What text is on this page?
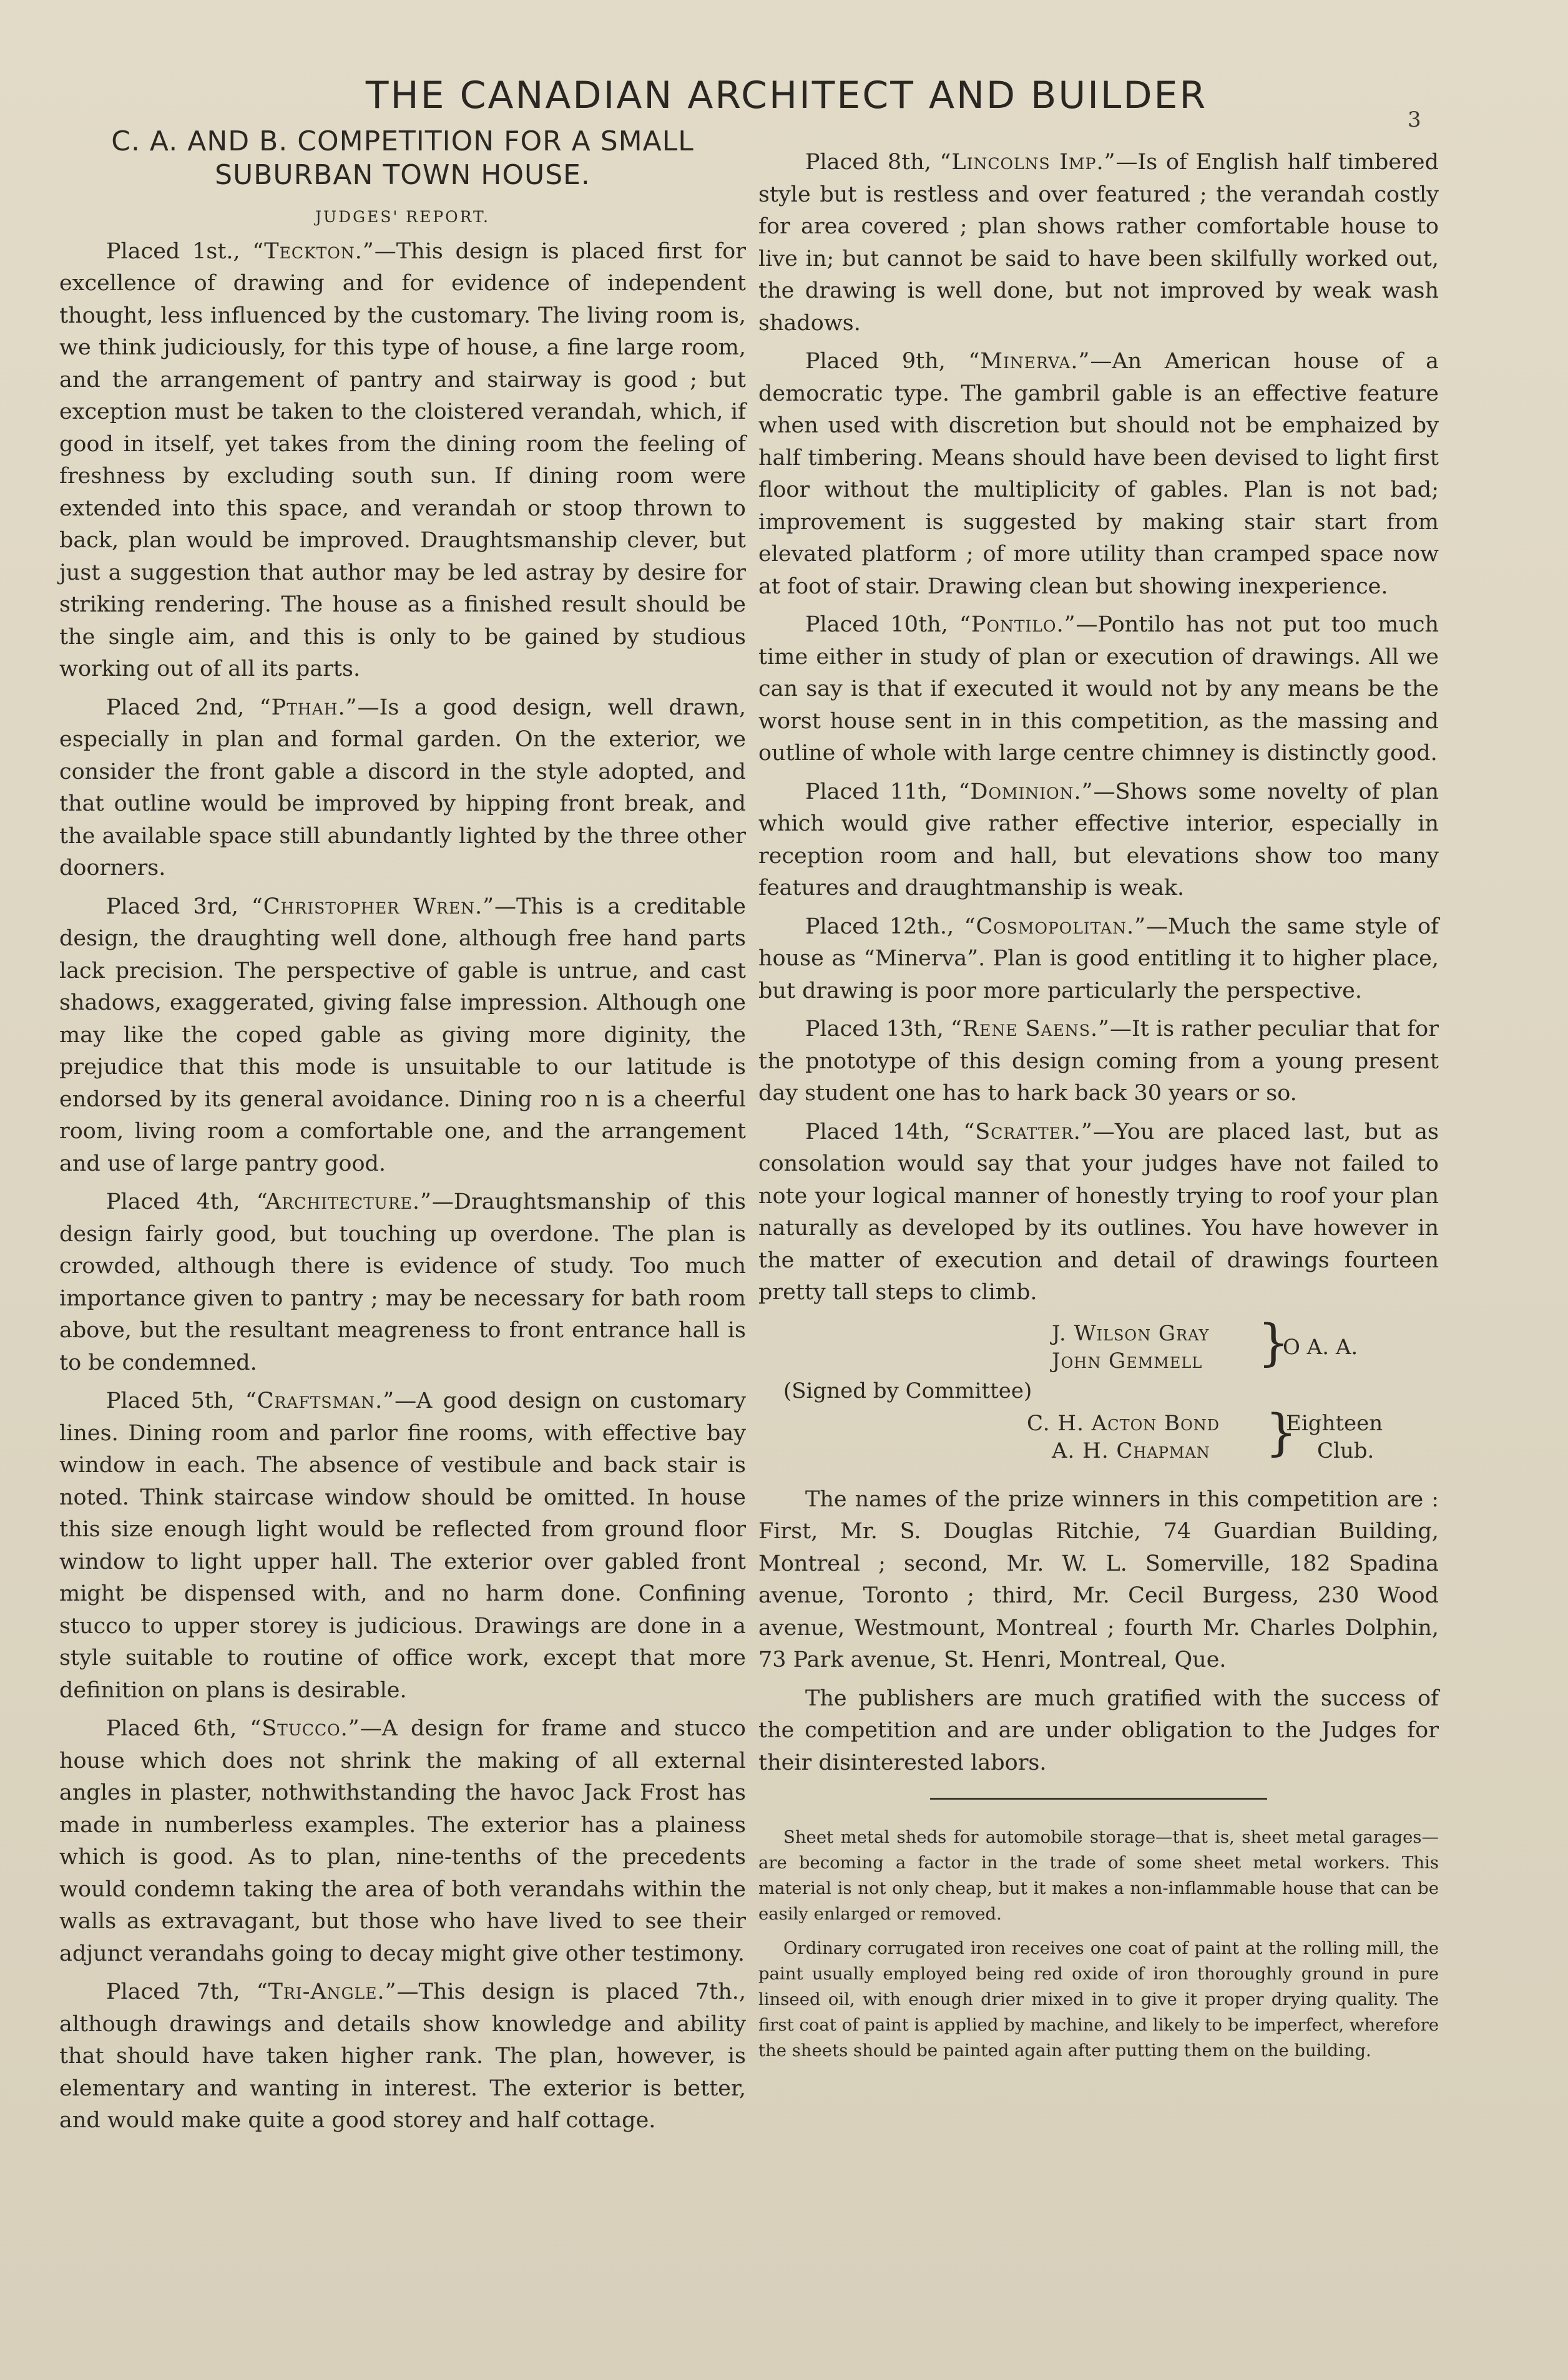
THE CANADIAN ARCHITECT AND BUILDER
3
C. A. AND B. COMPETITION FOR A SMALL
SUBURBAN TOWN HOUSE.
JUDGES' REPORT.

Placed 1st., “Teckton.”—This design is placed first for excellence of drawing and for evidence of independent thought, less influenced by the customary. The living room is, we think judiciously, for this type of house, a fine large room, and the arrangement of pantry and stairway is good ; but exception must be taken to the cloistered verandah, which, if good in itself, yet takes from the dining room the feeling of freshness by excluding south sun. If dining room were extended into this space, and verandah or stoop thrown to back, plan would be improved. Draughtsmanship clever, but just a suggestion that author may be led astray by desire for striking rendering. The house as a finished result should be the single aim, and this is only to be gained by studious working out of all its parts.

Placed 2nd, “Pthah.”—Is a good design, well drawn, especially in plan and formal garden. On the exterior, we consider the front gable a discord in the style adopted, and that outline would be improved by hipping front break, and the available space still abundantly lighted by the three other doorners.

Placed 3rd, “Christopher Wren.”—This is a creditable design, the draughting well done, although free hand parts lack precision. The perspective of gable is untrue, and cast shadows, exaggerated, giving false impression. Although one may like the coped gable as giving more diginity, the prejudice that this mode is unsuitable to our latitude is endorsed by its general avoidance. Dining roo n is a cheerful room, living room a comfortable one, and the arrangement and use of large pantry good.

Placed 4th, “Architecture.”—Draughtsmanship of this design fairly good, but touching up overdone. The plan is crowded, although there is evidence of study. Too much importance given to pantry ; may be necessary for bath room above, but the resultant meagreness to front entrance hall is to be condemned.

Placed 5th, “Craftsman.”—A good design on customary lines. Dining room and parlor fine rooms, with effective bay window in each. The absence of vestibule and back stair is noted. Think staircase window should be omitted. In house this size enough light would be reflected from ground floor window to light upper hall. The exterior over gabled front might be dispensed with, and no harm done. Confining stucco to upper storey is judicious. Drawings are done in a style suitable to routine of office work, except that more definition on plans is desirable.

Placed 6th, “Stucco.”—A design for frame and stucco house which does not shrink the making of all external angles in plaster, nothwithstanding the havoc Jack Frost has made in numberless examples. The exterior has a plainess which is good. As to plan, nine-tenths of the precedents would condemn taking the area of both verandahs within the walls as extravagant, but those who have lived to see their adjunct verandahs going to decay might give other testimony.

Placed 7th, “Tri-Angle.”—This design is placed 7th., although drawings and details show knowledge and ability that should have taken higher rank. The plan, however, is elementary and wanting in interest. The exterior is better, and would make quite a good storey and half cottage.

Placed 8th, “Lincolns Imp.”—Is of English half timbered style but is restless and over featured ; the verandah costly for area covered ; plan shows rather comfortable house to live in; but cannot be said to have been skilfully worked out, the drawing is well done, but not improved by weak wash shadows.

Placed 9th, “Minerva.”—An American house of a democratic type. The gambril gable is an effective feature when used with discretion but should not be emphaized by half timbering. Means should have been devised to light first floor without the multiplicity of gables. Plan is not bad; improvement is suggested by making stair start from elevated platform ; of more utility than cramped space now at foot of stair. Drawing clean but showing inexperience.

Placed 10th, “Pontilo.”—Pontilo has not put too much time either in study of plan or execution of drawings. All we can say is that if executed it would not by any means be the worst house sent in in this competition, as the massing and outline of whole with large centre chimney is distinctly good.

Placed 11th, “Dominion.”—Shows some novelty of plan which would give rather effective interior, especially in reception room and hall, but elevations show too many features and draughtmanship is weak.

Placed 12th., “Cosmopolitan.”—Much the same style of house as “Minerva”. Plan is good entitling it to higher place, but drawing is poor more particularly the perspective.

Placed 13th, “Rene Saens.”—It is rather peculiar that for the pnototype of this design coming from a young present day student one has to hark back 30 years or so.

Placed 14th, “Scratter.”—You are placed last, but as consolation would say that your judges have not failed to note your logical manner of honestly trying to roof your plan naturally as developed by its outlines. You have however in the matter of execution and detail of drawings fourteen pretty tall steps to climb.

J. Wilson Gray
John Gemmell }
O A. A.
(Signed by Committee)
C. H. Acton Bond
A. H. Chapman }
Eighteen
Club.

The names of the prize winners in this competition are : First, Mr. S. Douglas Ritchie, 74 Guardian Building, Montreal ; second, Mr. W. L. Somerville, 182 Spadina avenue, Toronto ; third, Mr. Cecil Burgess, 230 Wood avenue, Westmount, Montreal ; fourth Mr. Charles Dolphin, 73 Park avenue, St. Henri, Montreal, Que.

The publishers are much gratified with the success of the competition and are under obligation to the Judges for their disinterested labors.

Sheet metal sheds for automobile storage—that is, sheet metal garages—are becoming a factor in the trade of some sheet metal workers. This material is not only cheap, but it makes a non-inflammable house that can be easily enlarged or removed.

Ordinary corrugated iron receives one coat of paint at the rolling mill, the paint usually employed being red oxide of iron thoroughly ground in pure linseed oil, with enough drier mixed in to give it proper drying quality. The first coat of paint is applied by machine, and likely to be imperfect, wherefore the sheets should be painted again after putting them on the building.
